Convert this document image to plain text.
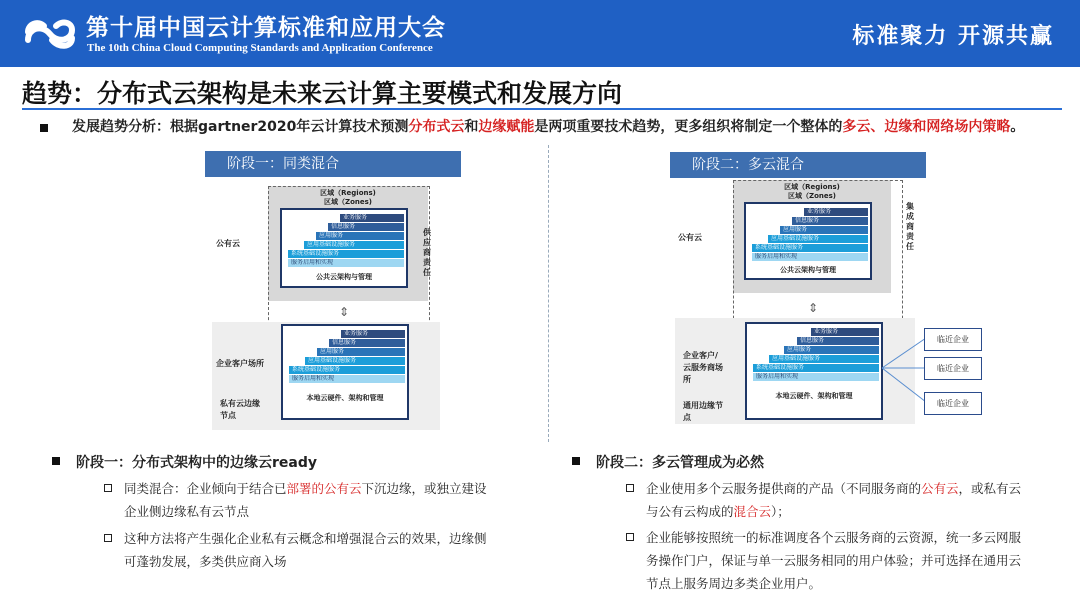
第十届中国云计算标准和应用大会
The 10th China Cloud Computing Standards and Application Conference	标准聚力 开源共赢
趋势：分布式云架构是未来云计算主要模式和发展方向
发展趋势分析：根据gartner2020年云计算技术预测分布式云和边缘赋能是两项重要技术趋势，更多组织将制定一个整体的多云、边缘和网络场内策略。
阶段一：同类混合
公有云
区域（Regions)
区域（Zones)
业务服务
信息服务
应用服务
应用基础设施服务
系统基础设施服务
服务启用和实现
公共云架构与管理
供应商责任
⇕
企业客户场所
私有云边缘节点
业务服务
信息服务
应用服务
应用基础设施服务
系统基础设施服务
服务启用和实现
本地云硬件、架构和管理
阶段二：多云混合
公有云
区域（Regions)
区域（Zones)
业务服务
信息服务
应用服务
应用基础设施服务
系统基础设施服务
服务启用和实现
公共云架构与管理
集成商责任
⇕
企业客户/云服务商场所
通用边缘节点
业务服务
信息服务
应用服务
应用基础设施服务
系统基础设施服务
服务启用和实现
本地云硬件、架构和管理
临近企业
临近企业
临近企业
阶段一：分布式架构中的边缘云ready
同类混合：企业倾向于结合已部署的公有云下沉边缘，或独立建设
企业侧边缘私有云节点
这种方法将产生强化企业私有云概念和增强混合云的效果，边缘侧
可蓬勃发展，多类供应商入场
阶段二：多云管理成为必然
企业使用多个云服务提供商的产品（不同服务商的公有云，或私有云
与公有云构成的混合云）；
企业能够按照统一的标准调度各个云服务商的云资源，统一多云网服
务操作门户，保证与单一云服务相同的用户体验；并可选择在通用云
节点上服务周边多类企业用户。
